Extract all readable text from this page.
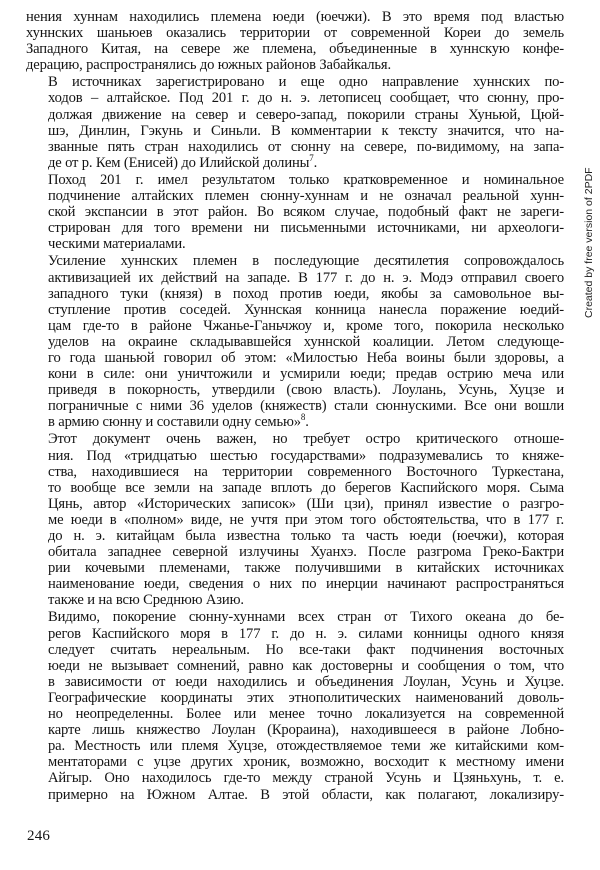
нения хуннам находились племена юеди (юечжи). В это время под властью
хуннских шаньюев оказались территории от современной Кореи до земель
Западного Китая, на севере же племена, объединенные в хуннскую конфе-
дерацию, распространялись до южных районов Забайкалья.

В источниках зарегистрировано и еще одно направление хуннских по-
ходов – алтайское. Под 201 г. до н. э. летописец сообщает, что сюнну, про-
должая движение на север и северо-запад, покорили страны Хуньюй, Цюй-
шэ, Динлин, Гэкунь и Синьли. В комментарии к тексту значится, что на-
званные пять стран находились от сюнну на севере, по-видимому, на запа-
де от р. Кем (Енисей) до Илийской долины$^7$.

Поход 201 г. имел результатом только кратковременное и номинальное
подчинение алтайских племен сюнну-хуннам и не означал реальной хунн-
ской экспансии в этот район. Во всяком случае, подобный факт не зареги-
стрирован для того времени ни письменными источниками, ни археологи-
ческими материалами.

Усиление хуннских племен в последующие десятилетия сопровождалось
активизацией их действий на западе. В 177 г. до н. э. Модэ отправил своего
западного туки (князя) в поход против юеди, якобы за самовольное вы-
ступление против соседей. Хуннская конница нанесла поражение юедий-
цам где-то в районе Чжанье-Ганьчжоу и, кроме того, покорила несколько
уделов на окраине складывавшейся хуннской коалиции. Летом следующе-
го года шаньюй говорил об этом: «Милостью Неба воины были здоровы, а
кони в силе: они уничтожили и усмирили юеди; предав острию меча или
приведя в покорность, утвердили (свою власть). Лоулань, Усунь, Хуцзе и
пограничные с ними 36 уделов (княжеств) стали сюннускими. Все они вошли
в армию сюнну и составили одну семью»$^8$.

Этот документ очень важен, но требует остро критического отноше-
ния. Под «тридцатью шестью государствами» подразумевались то княже-
ства, находившиеся на территории современного Восточного Туркестана,
то вообще все земли на западе вплоть до берегов Каспийского моря. Сыма
Цянь, автор «Исторических записок» (Ши цзи), принял известие о разгро-
ме юеди в «полном» виде, не учтя при этом того обстоятельства, что в 177 г.
до н. э. китайцам была известна только та часть юеди (юечжи), которая
обитала западнее северной излучины Хуанхэ. После разгрома Греко-Бактри
рии кочевыми племенами, также получившими в китайских источниках
наименование юеди, сведения о них по инерции начинают распространяться
также и на всю Среднюю Азию.

Видимо, покорение сюнну-хуннами всех стран от Тихого океана до бе-
регов Каспийского моря в 177 г. до н. э. силами конницы одного князя
следует считать нереальным. Но все-таки факт подчинения восточных
юеди не вызывает сомнений, равно как достоверны и сообщения о том, что
в зависимости от юеди находились и объединения Лоулан, Усунь и Хуцзе.
Географические координаты этих этнополитических наименований доволь-
но неопределенны. Более или менее точно локализуется на современной
карте лишь княжество Лоулан (Крораина), находившееся в районе Лобно-
ра. Местность или племя Хуцзе, отождествляемое теми же китайскими ком-
ментаторами с уцзе других хроник, возможно, восходит к местному имени
Айгыр. Оно находилось где-то между страной Усунь и Цзяньхунь, т. е.
примерно на Южном Алтае. В этой области, как полагают, локализиру-

246
Created by free version of 2PDF
